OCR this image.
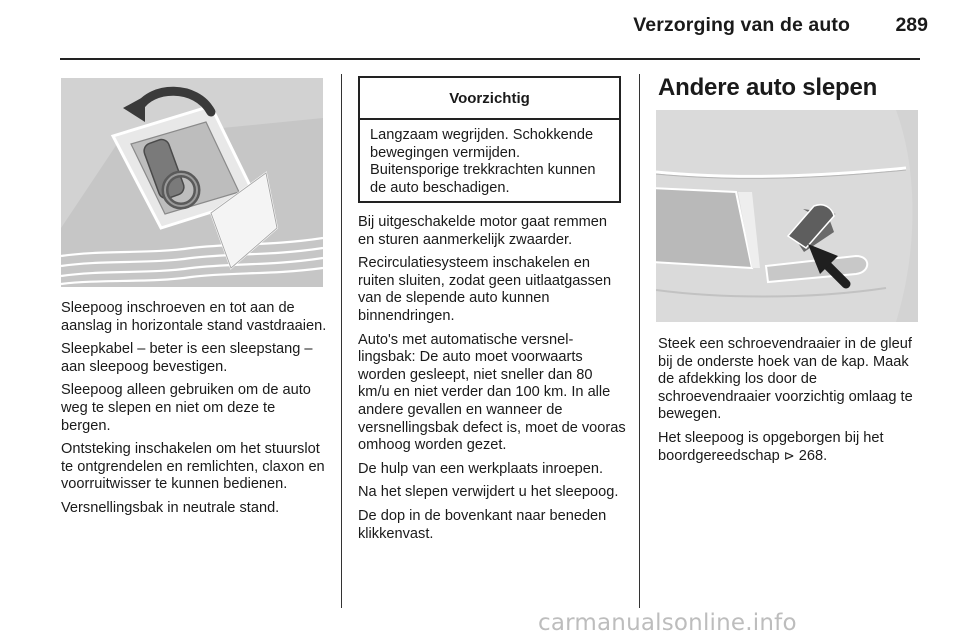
Verzorging van de auto	289

Sleepoog inschroeven en tot aan de aanslag in horizontale stand vastdraaien.

Sleepkabel – beter is een sleepstang – aan sleepoog bevestigen.

Sleepoog alleen gebruiken om de auto weg te slepen en niet om deze te bergen.

Ontsteking inschakelen om het stuurslot te ontgrendelen en remlichten, claxon en voorruitwisser te kunnen bedienen.

Versnellingsbak in neutrale stand.

Voorzichtig
Langzaam wegrijden. Schokkende bewegingen vermijden. Buitensporige trekkrachten kunnen de auto beschadigen.

Bij uitgeschakelde motor gaat remmen en sturen aanmerkelijk zwaarder.

Recirculatiesysteem inschakelen en ruiten sluiten, zodat geen uitlaatgassen van de slepende auto kunnen binnendringen.

Auto's met automatische versnellingsbak: De auto moet voorwaarts worden gesleept, niet sneller dan 80 km/u en niet verder dan 100 km. In alle andere gevallen en wanneer de versnellingsbak defect is, moet de vooras omhoog worden gezet.

De hulp van een werkplaats inroepen.

Na het slepen verwijdert u het sleepoog.

De dop in de bovenkant naar beneden klikkenvast.

Andere auto slepen

Steek een schroevendraaier in de gleuf bij de onderste hoek van de kap. Maak de afdekking los door de schroevendraaier voorzichtig omlaag te bewegen.

Het sleepoog is opgeborgen bij het boordgereedschap ⊳ 268.

carmanualsonline.info
